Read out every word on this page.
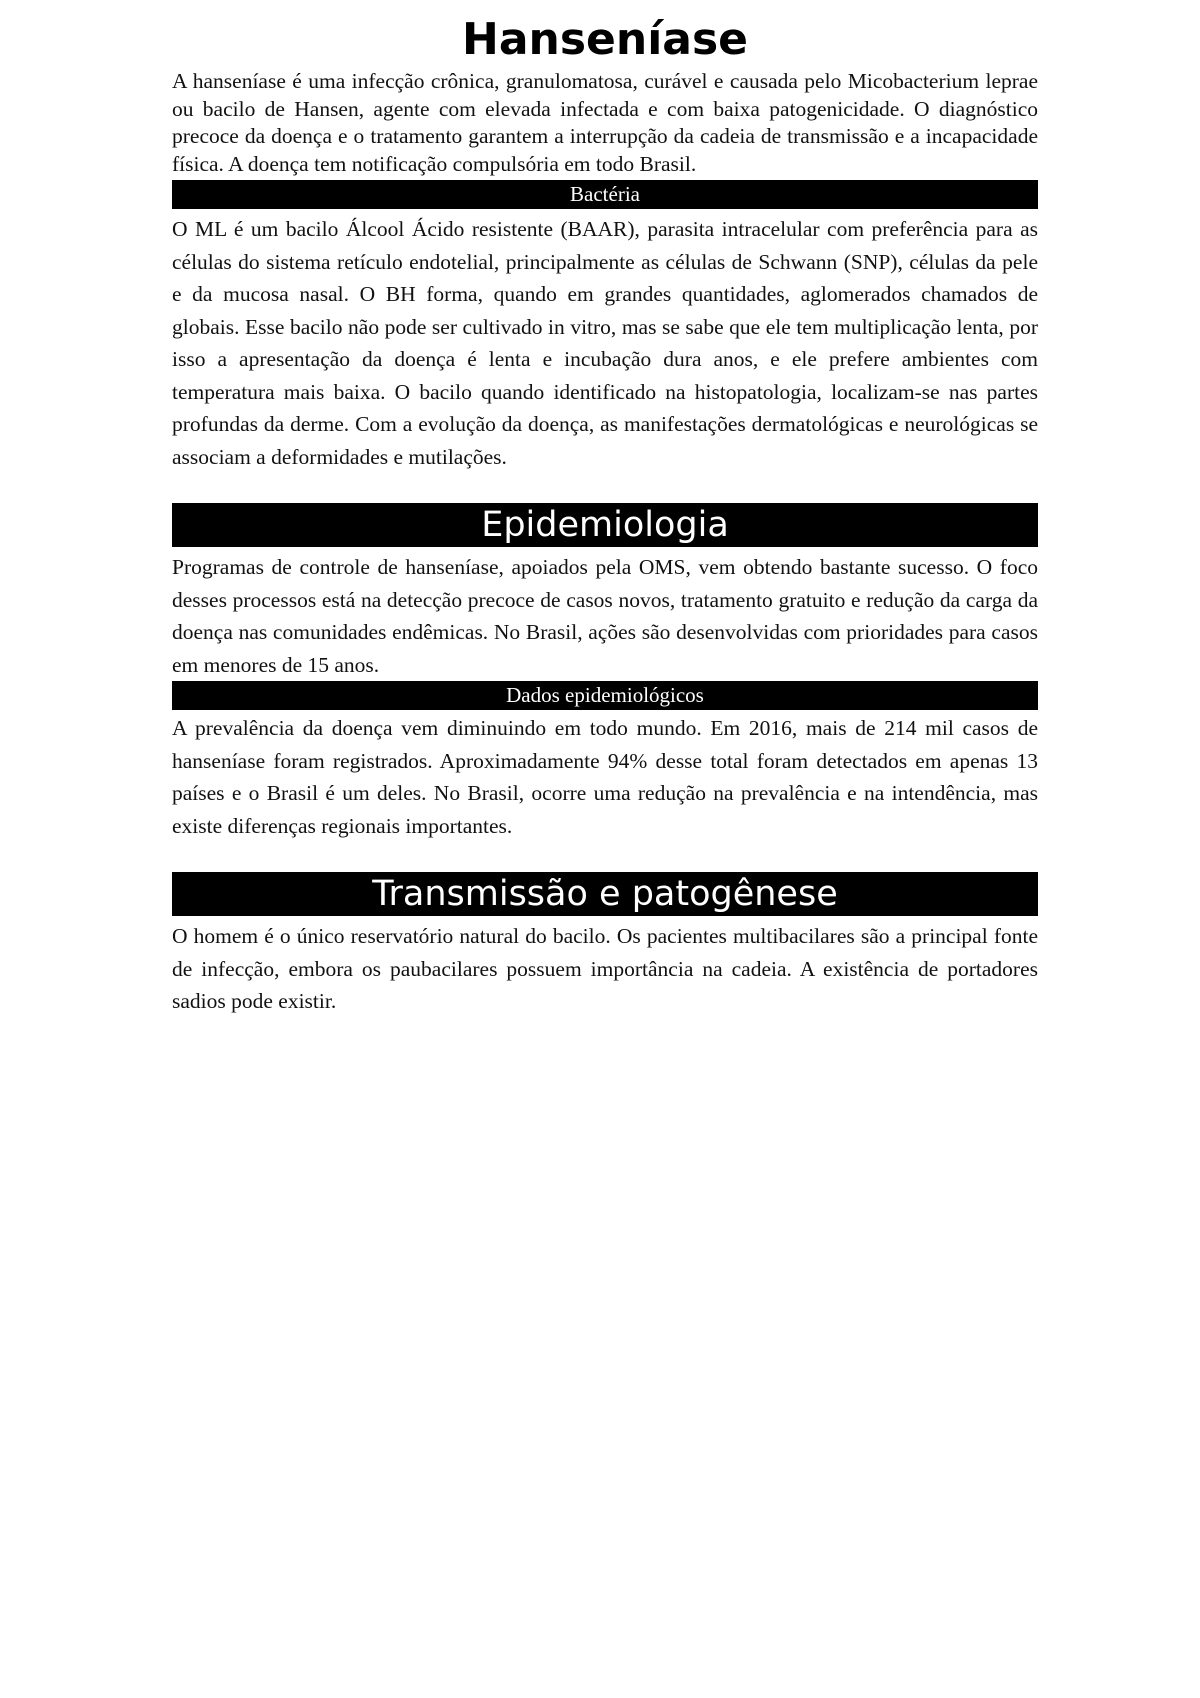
Hanseníase

A hanseníase é uma infecção crônica, granulomatosa, curável e causada pelo Micobacterium leprae ou bacilo de Hansen, agente com elevada infectada e com baixa patogenicidade. O diagnóstico precoce da doença e o tratamento garantem a interrupção da cadeia de transmissão e a incapacidade física. A doença tem notificação compulsória em todo Brasil.

Bactéria

O ML é um bacilo Álcool Ácido resistente (BAAR), parasita intracelular com preferência para as células do sistema retículo endotelial, principalmente as células de Schwann (SNP), células da pele e da mucosa nasal. O BH forma, quando em grandes quantidades, aglomerados chamados de globais. Esse bacilo não pode ser cultivado in vitro, mas se sabe que ele tem multiplicação lenta, por isso a apresentação da doença é lenta e incubação dura anos, e ele prefere ambientes com temperatura mais baixa. O bacilo quando identificado na histopatologia, localizam-se nas partes profundas da derme. Com a evolução da doença, as manifestações dermatológicas e neurológicas se associam a deformidades e mutilações.

Epidemiologia

Programas de controle de hanseníase, apoiados pela OMS, vem obtendo bastante sucesso. O foco desses processos está na detecção precoce de casos novos, tratamento gratuito e redução da carga da doença nas comunidades endêmicas. No Brasil, ações são desenvolvidas com prioridades para casos em menores de 15 anos.

Dados epidemiológicos

A prevalência da doença vem diminuindo em todo mundo. Em 2016, mais de 214 mil casos de hanseníase foram registrados. Aproximadamente 94% desse total foram detectados em apenas 13 países e o Brasil é um deles. No Brasil, ocorre uma redução na prevalência e na intendência, mas existe diferenças regionais importantes.

Transmissão e patogênese

O homem é o único reservatório natural do bacilo. Os pacientes multibacilares são a principal fonte de infecção, embora os paubacilares possuem importância na cadeia. A existência de portadores sadios pode existir.
